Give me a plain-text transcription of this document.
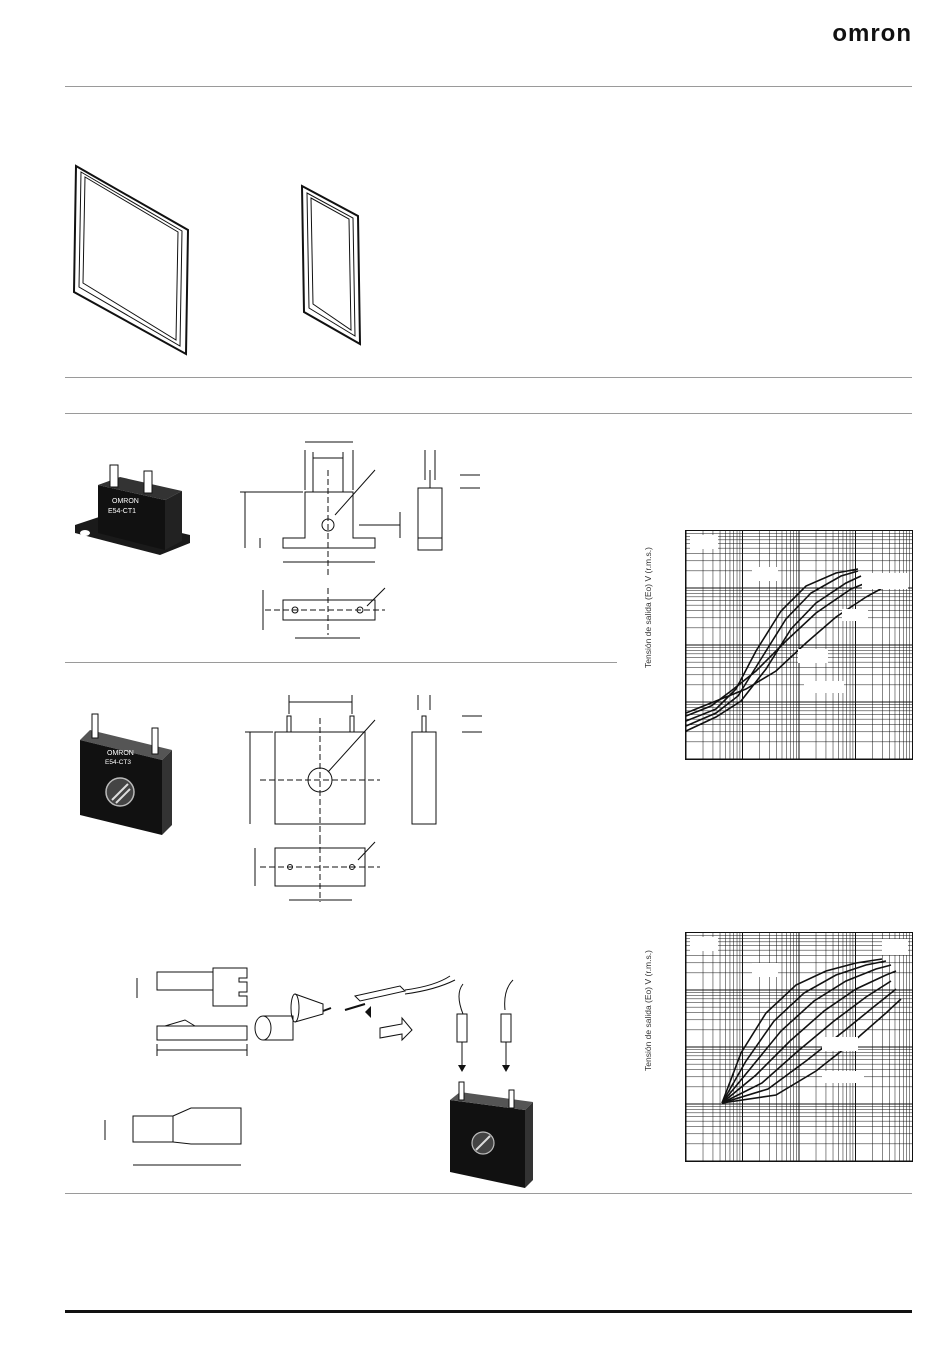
omron
OMRON
E54-CT1
OMRON
E54-CT3
Tensión de salida (Eo) V (r.m.s.)
Tensión de salida (Eo) V (r.m.s.)
